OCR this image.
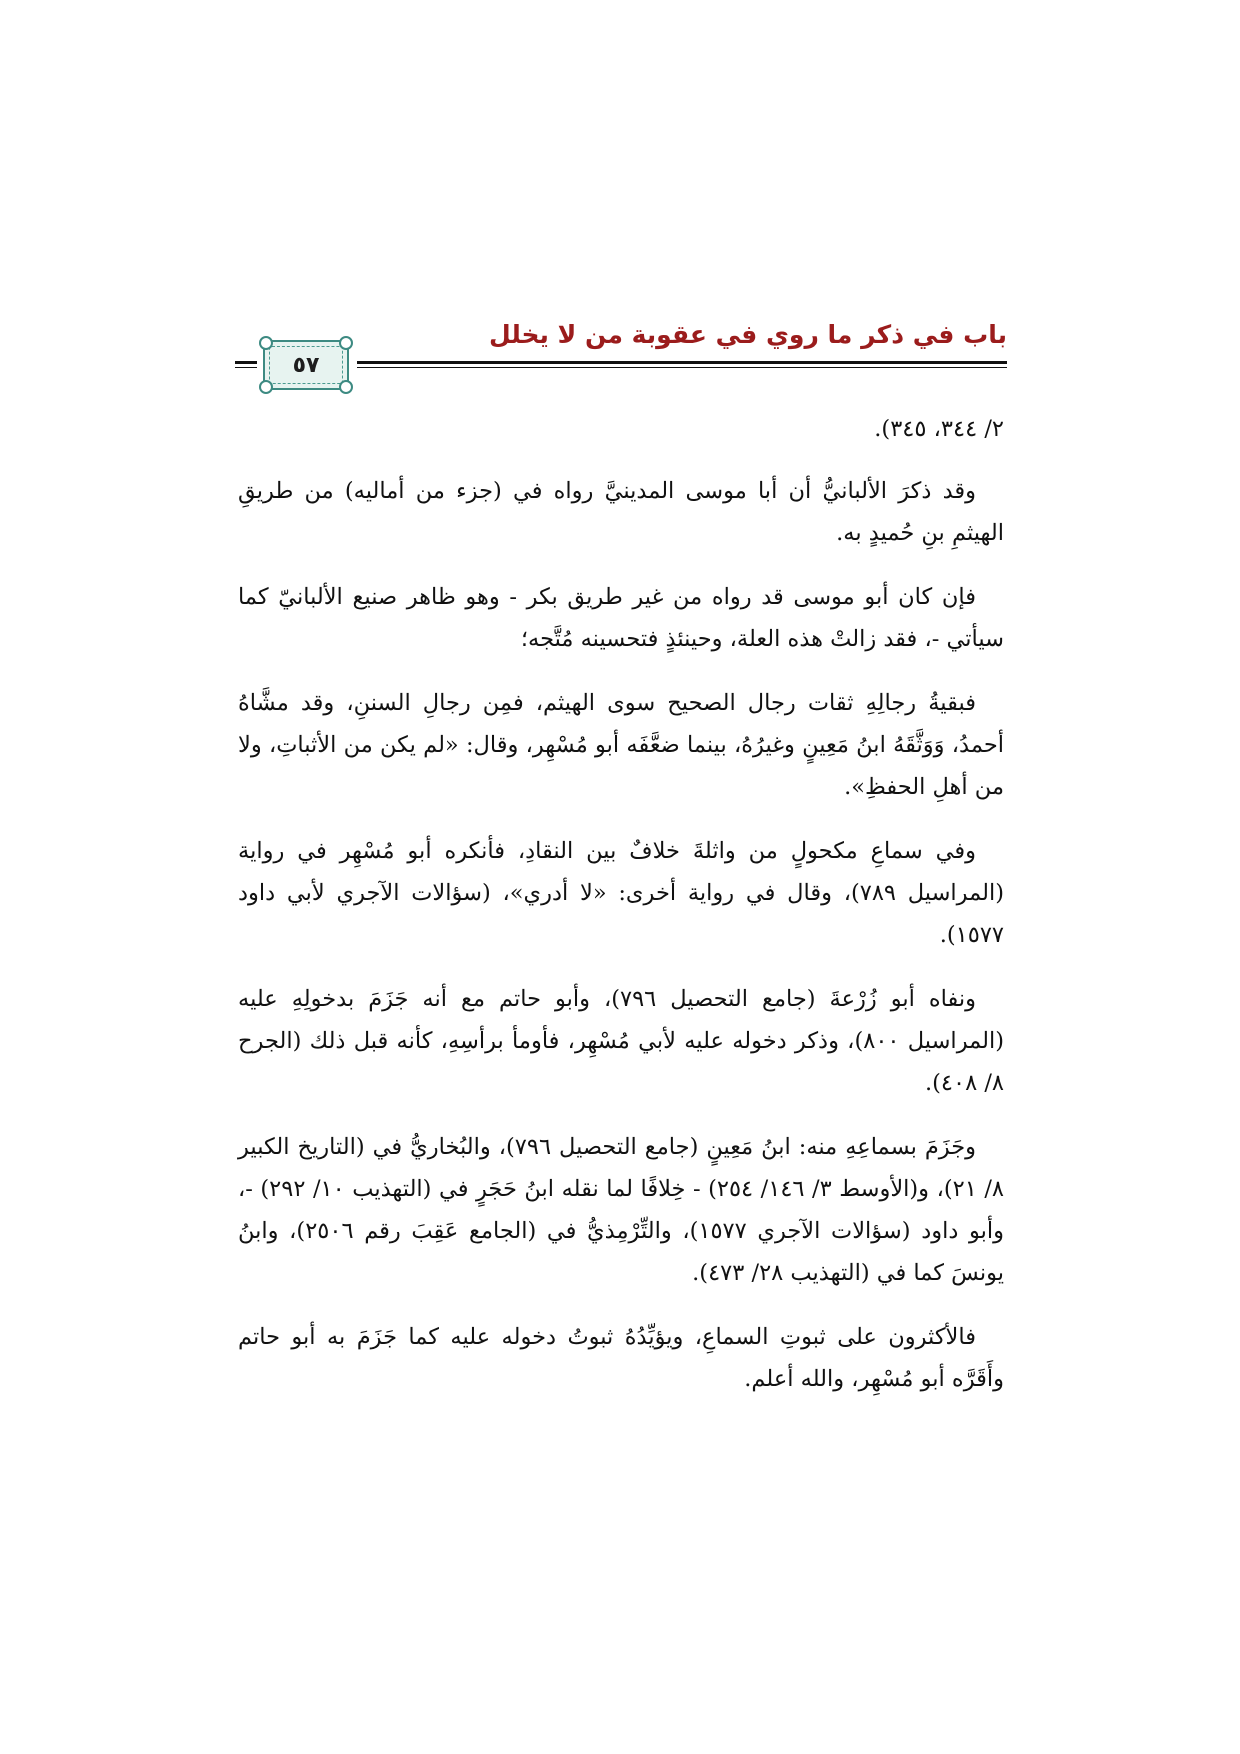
باب في ذكر ما روي في عقوبة من لا يخلل
٥٧

٢/ ٣٤٤، ٣٤٥).

وقد ذكرَ الألبانيُّ أن أبا موسى المدينيَّ رواه في (جزء من أماليه) من طريقِ الهيثمِ بنِ حُميدٍ به.

فإن كان أبو موسى قد رواه من غير طريق بكر - وهو ظاهر صنيع الألبانيّ كما سيأتي -، فقد زالتْ هذه العلة، وحينئذٍ فتحسينه مُتَّجه؛

فبقيةُ رجالِهِ ثقات رجال الصحيح سوى الهيثم، فمِن رجالِ السننِ، وقد مشَّاهُ أحمدُ، وَوَثَّقَهُ ابنُ مَعِينٍ وغيرُهُ، بينما ضعَّفَه أبو مُسْهِر، وقال: «لم يكن من الأثباتِ، ولا من أهلِ الحفظِ».

وفي سماعِ مكحولٍ من واثلةَ خلافٌ بين النقادِ، فأنكره أبو مُسْهِر في رواية (المراسيل ٧٨٩)، وقال في رواية أخرى: «لا أدري»، (سؤالات الآجري لأبي داود ١٥٧٧).

ونفاه أبو زُرْعةَ (جامع التحصيل ٧٩٦)، وأبو حاتم مع أنه جَزَمَ بدخولِهِ عليه (المراسيل ٨٠٠)، وذكر دخوله عليه لأبي مُسْهِر، فأومأ برأسِهِ، كأنه قبل ذلك (الجرح ٨/ ٤٠٨).

وجَزَمَ بسماعِهِ منه: ابنُ مَعِينٍ (جامع التحصيل ٧٩٦)، والبُخاريُّ في (التاريخ الكبير ٨/ ٢١)، و(الأوسط ٣/ ١٤٦/ ٢٥٤) - خِلافًا لما نقله ابنُ حَجَرٍ في (التهذيب ١٠/ ٢٩٢) -، وأبو داود (سؤالات الآجري ١٥٧٧)، والتِّرْمِذيُّ في (الجامع عَقِبَ رقم ٢٥٠٦)، وابنُ يونسَ كما في (التهذيب ٢٨/ ٤٧٣).

فالأكثرون على ثبوتِ السماعِ، ويؤيِّدُهُ ثبوتُ دخوله عليه كما جَزَمَ به أبو حاتم وأَقَرَّه أبو مُسْهِر، والله أعلم.
